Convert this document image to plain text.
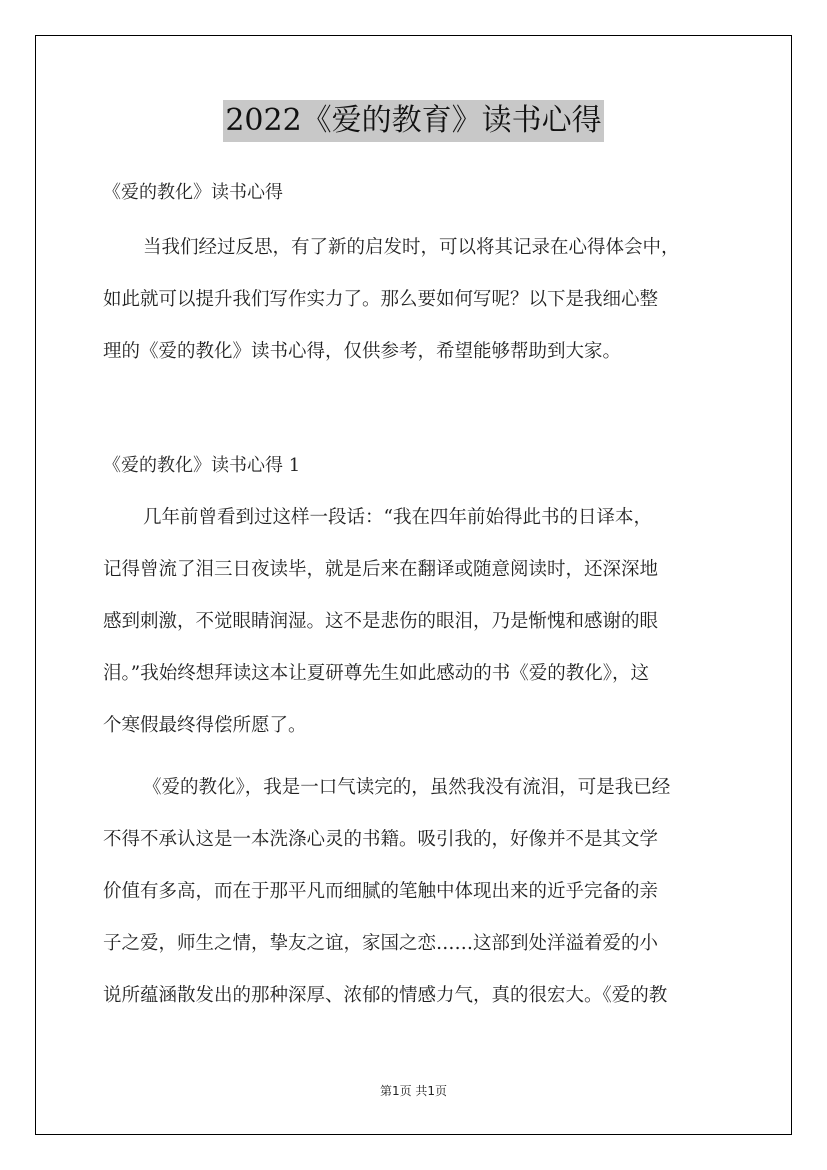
2022《爱的教育》读书心得
《爱的教化》读书心得
当我们经过反思，有了新的启发时，可以将其记录在心得体会中，
如此就可以提升我们写作实力了。那么要如何写呢？以下是我细心整
理的《爱的教化》读书心得，仅供参考，希望能够帮助到大家。
《爱的教化》读书心得 1
几年前曾看到过这样一段话：“我在四年前始得此书的日译本，
记得曾流了泪三日夜读毕，就是后来在翻译或随意阅读时，还深深地
感到刺激，不觉眼睛润湿。这不是悲伤的眼泪，乃是惭愧和感谢的眼
泪。”我始终想拜读这本让夏研尊先生如此感动的书《爱的教化》，这
个寒假最终得偿所愿了。
《爱的教化》，我是一口气读完的，虽然我没有流泪，可是我已经
不得不承认这是一本洗涤心灵的书籍。吸引我的，好像并不是其文学
价值有多高，而在于那平凡而细腻的笔触中体现出来的近乎完备的亲
子之爱，师生之情，挚友之谊，家国之恋……这部到处洋溢着爱的小
说所蕴涵散发出的那种深厚、浓郁的情感力气，真的很宏大。《爱的教
第1页 共1页
